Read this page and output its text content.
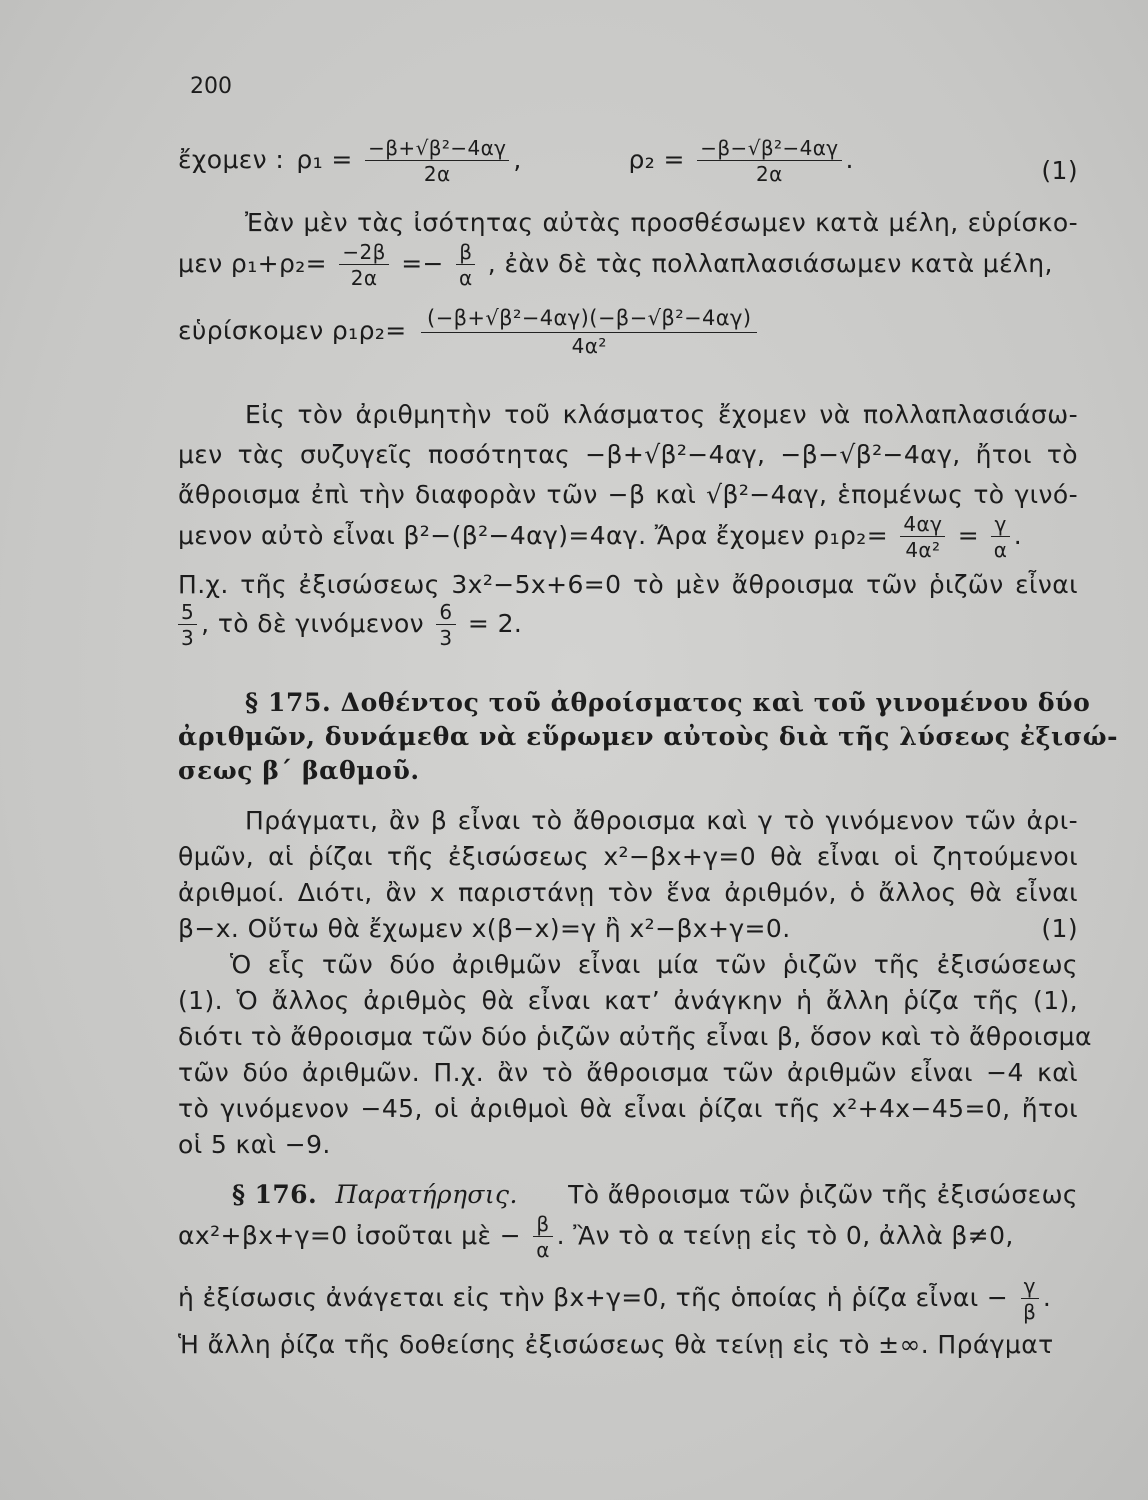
200
ἔχομεν : $\rho_1 = \frac{\text{−β+√β²−4αγ}}{2\alpha}$ ,	$\rho_2 = \frac{\text{−β−√β²−4αγ}}{2\alpha}$ .	(1)
Ἐὰν μὲν τὰς ἰσότητας αὐτὰς προσθέσωμεν κατὰ μέλη, εὑρίσκο-
μεν $\rho_1+\rho_2= \frac{-2\beta}{2\alpha} =- \frac{\beta}{\alpha}$ , ἐὰν δὲ τὰς πολλαπλασιάσωμεν κατὰ μέλη,
εὑρίσκομεν $\rho_1\rho_2= \frac{\text{(−β+√β²−4αγ)(−β−√β²−4αγ)}}{\text{4α²}}$
Εἰς τὸν ἀριθμητὴν τοῦ κλάσματος ἔχομεν νὰ πολλαπλασιάσω-
μεν τὰς συζυγεῖς ποσότητας −β+√β²−4αγ, −β−√β²−4αγ, ἤτοι τὸ
ἄθροισμα ἐπὶ τὴν διαφορὰν τῶν −β καὶ √β²−4αγ, ἑπομένως τὸ γινό-
μενον αὐτὸ εἶναι β²−(β²−4αγ)=4αγ. Ἄρα ἔχομεν $\rho_1\rho_2= \frac{4\alpha\gamma}{\text{4α²}} = \frac{\gamma}{\alpha}$ .
Π.χ. τῆς ἐξισώσεως 3x²−5x+6=0 τὸ μὲν ἄθροισμα τῶν ῥιζῶν εἶναι
$\frac{5}{3}$ , τὸ δὲ γινόμενον $\frac{6}{3} = 2$.
§ 175. Δοθέντος τοῦ ἀθροίσματος καὶ τοῦ γινομένου δύο
ἀριθμῶν, δυνάμεθα νὰ εὕρωμεν αὐτοὺς διὰ τῆς λύσεως ἐξισώ-
σεως β΄ βαθμοῦ.
Πράγματι, ἂν β εἶναι τὸ ἄθροισμα καὶ γ τὸ γινόμενον τῶν ἀρι-
θμῶν, αἱ ῥίζαι τῆς ἐξισώσεως x²−βx+γ=0 θὰ εἶναι οἱ ζητούμενοι
ἀριθμοί. Διότι, ἂν x παριστάνῃ τὸν ἕνα ἀριθμόν, ὁ ἄλλος θὰ εἶναι
β−x. Οὕτω θὰ ἔχωμεν x(β−x)=γ ἢ x²−βx+γ=0.	(1)
Ὁ εἷς τῶν δύο ἀριθμῶν εἶναι μία τῶν ῥιζῶν τῆς ἐξισώσεως
(1). Ὁ ἄλλος ἀριθμὸς θὰ εἶναι κατ’ ἀνάγκην ἡ ἄλλη ῥίζα τῆς (1),
διότι τὸ ἄθροισμα τῶν δύο ῥιζῶν αὐτῆς εἶναι β, ὅσον καὶ τὸ ἄθροισμα
τῶν δύο ἀριθμῶν. Π.χ. ἂν τὸ ἄθροισμα τῶν ἀριθμῶν εἶναι −4 καὶ
τὸ γινόμενον −45, οἱ ἀριθμοὶ θὰ εἶναι ῥίζαι τῆς x²+4x−45=0, ἤτοι
οἱ 5 καὶ −9.
§ 176. Παρατήρησις. Τὸ ἄθροισμα τῶν ῥιζῶν τῆς ἐξισώσεως
αx²+βx+γ=0 ἰσοῦται μὲ − $\frac{\beta}{\alpha}$ . Ἂν τὸ α τείνῃ εἰς τὸ 0, ἀλλὰ β≠0,
ἡ ἐξίσωσις ἀνάγεται εἰς τὴν βx+γ=0, τῆς ὁποίας ἡ ῥίζα εἶναι − $\frac{\gamma}{\beta}$ .
Ἡ ἄλλη ῥίζα τῆς δοθείσης ἐξισώσεως θὰ τείνῃ εἰς τὸ ±∞. Πράγματ
